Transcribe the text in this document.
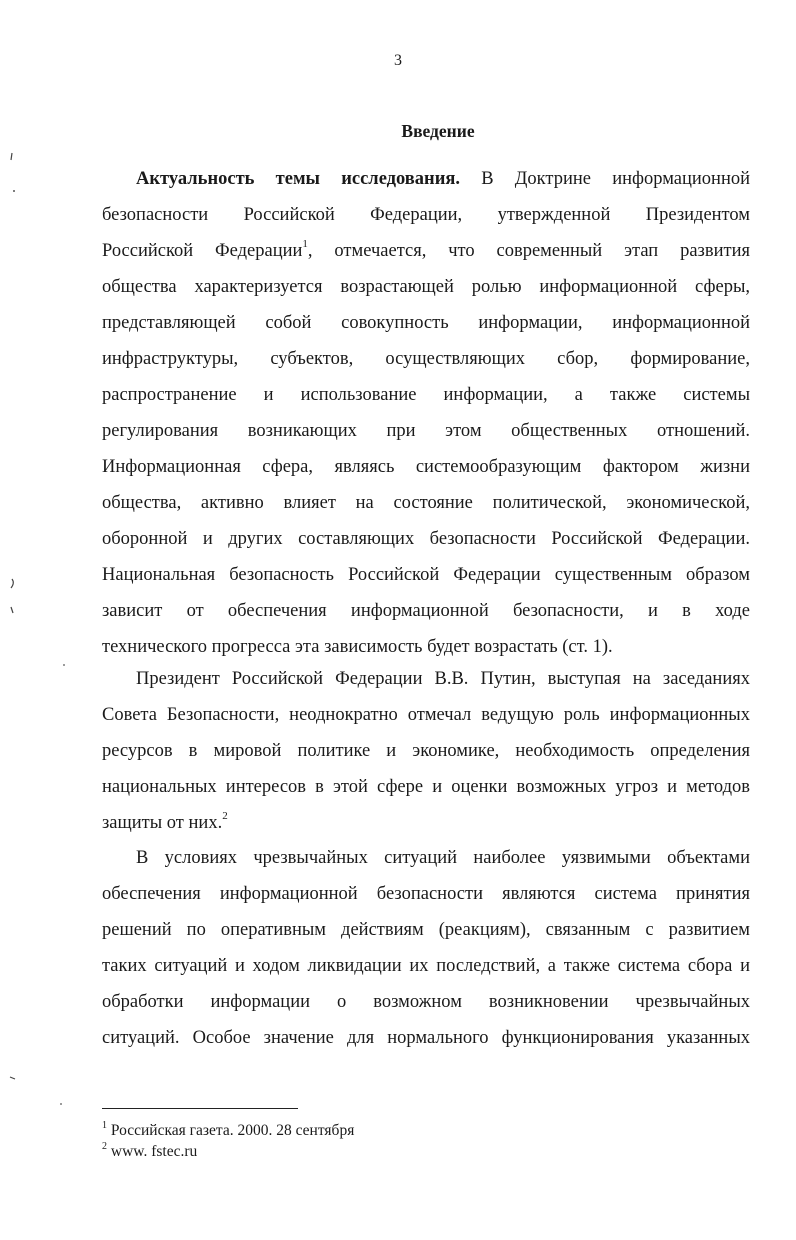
3
Введение
Актуальность темы исследования. В Доктрине информационной
безопасности Российской Федерации, утвержденной Президентом
Российской Федерации$^1$, отмечается, что современный этап развития
общества характеризуется возрастающей ролью информационной сферы,
представляющей собой совокупность информации, информационной
инфраструктуры, субъектов, осуществляющих сбор, формирование,
распространение и использование информации, а также системы
регулирования возникающих при этом общественных отношений.
Информационная сфера, являясь системообразующим фактором жизни
общества, активно влияет на состояние политической, экономической,
оборонной и других составляющих безопасности Российской Федерации.
Национальная безопасность Российской Федерации существенным образом
зависит от обеспечения информационной безопасности, и в ходе
технического прогресса эта зависимость будет возрастать (ст. 1).
Президент Российской Федерации В.В. Путин, выступая на заседаниях
Совета Безопасности, неоднократно отмечал ведущую роль информационных
ресурсов в мировой политике и экономике, необходимость определения
национальных интересов в этой сфере и оценки возможных угроз и методов
защиты от них.$^2$
В условиях чрезвычайных ситуаций наиболее уязвимыми объектами
обеспечения информационной безопасности являются система принятия
решений по оперативным действиям (реакциям), связанным с развитием
таких ситуаций и ходом ликвидации их последствий, а также система сбора и
обработки информации о возможном возникновении чрезвычайных
ситуаций. Особое значение для нормального функционирования указанных
$^1$ Российская газета. 2000. 28 сентября
$^2$ www. fstec.ru
